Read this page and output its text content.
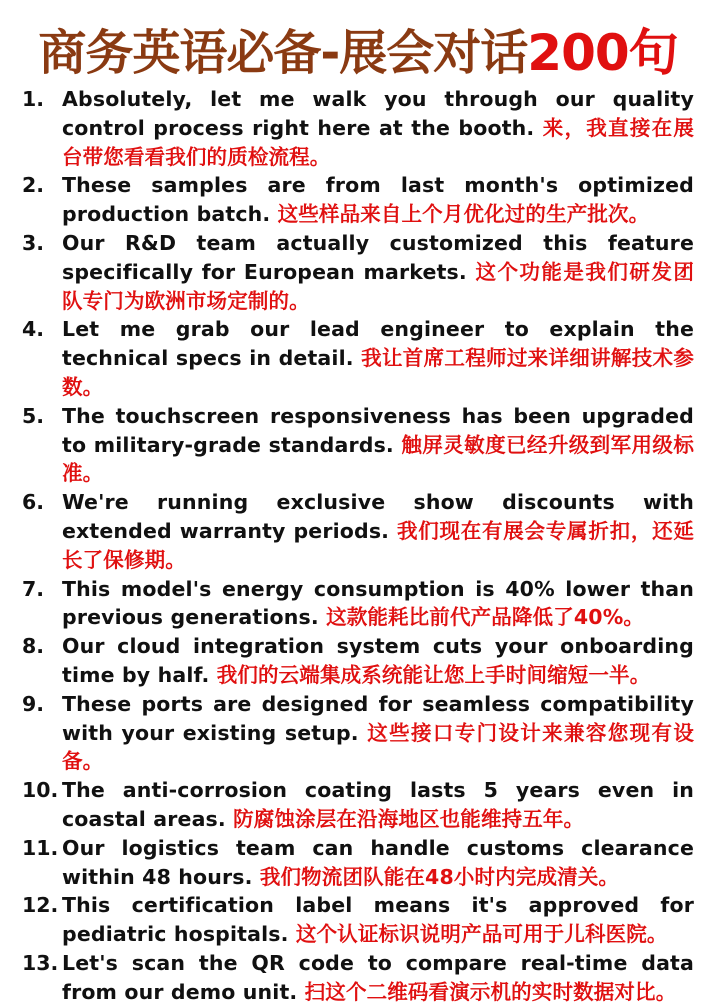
商务英语必备-展会对话 200句
1. Absolutely, let me walk you through our quality control process right here at the booth. 来，我直接在展台带您看看我们的质检流程。
2. These samples are from last month's optimized production batch. 这些样品来自上个月优化过的生产批次。
3. Our R&D team actually customized this feature specifically for European markets. 这个功能是我们研发团队专门为欧洲市场定制的。
4. Let me grab our lead engineer to explain the technical specs in detail. 我让首席工程师过来详细讲解技术参数。
5. The touchscreen responsiveness has been upgraded to military-grade standards. 触屏灵敏度已经升级到军用级标准。
6. We're running exclusive show discounts with extended warranty periods. 我们现在有展会专属折扣，还延长了保修期。
7. This model's energy consumption is 40% lower than previous generations. 这款能耗比前代产品降低了40%。
8. Our cloud integration system cuts your onboarding time by half. 我们的云端集成系统能让您上手时间缩短一半。
9. These ports are designed for seamless compatibility with your existing setup. 这些接口专门设计来兼容您现有设备。
10. The anti-corrosion coating lasts 5 years even in coastal areas. 防腐蚀涂层在沿海地区也能维持五年。
11. Our logistics team can handle customs clearance within 48 hours. 我们物流团队能在48小时内完成清关。
12. This certification label means it's approved for pediatric hospitals. 这个认证标识说明产品可用于儿科医院。
13. Let's scan the QR code to compare real-time data from our demo unit. 扫这个二维码看演示机的实时数据对比。
